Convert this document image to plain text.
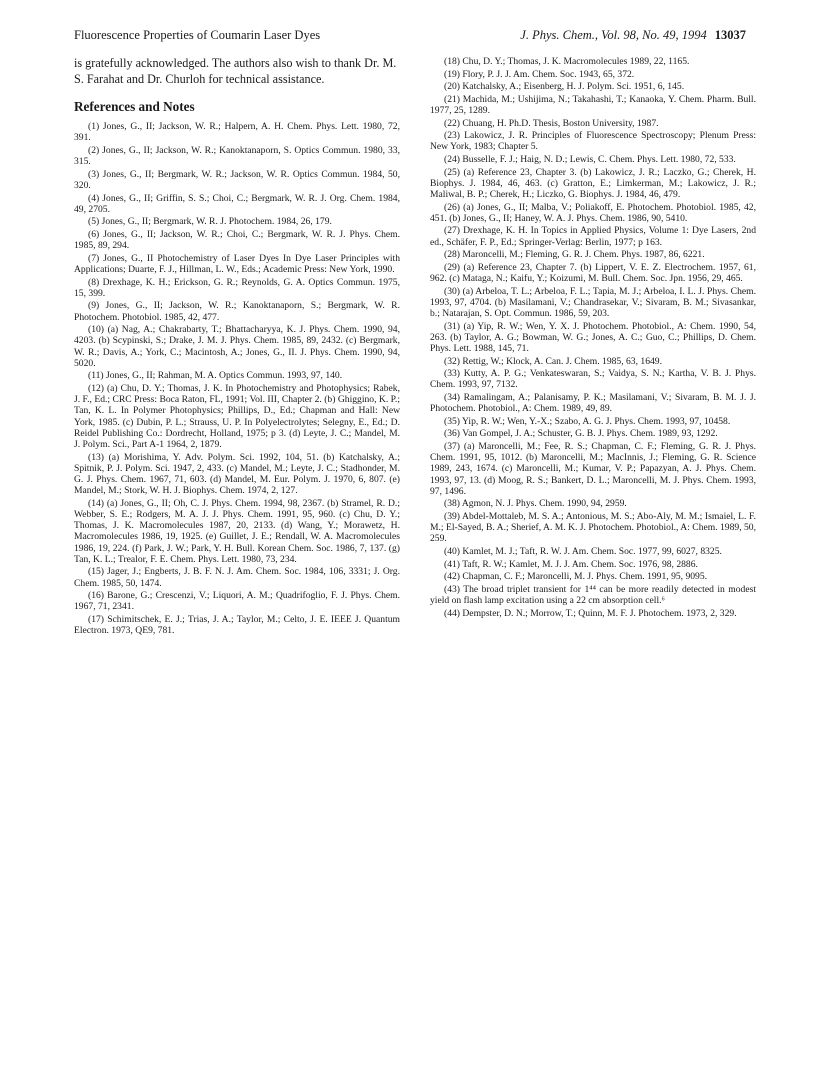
Fluorescence Properties of Coumarin Laser Dyes	J. Phys. Chem., Vol. 98, No. 49, 1994 13037

is gratefully acknowledged. The authors also wish to thank Dr. M. S. Farahat and Dr. Churloh for technical assistance.

References and Notes

(1) Jones, G., II; Jackson, W. R.; Halpern, A. H. Chem. Phys. Lett. 1980, 72, 391.

(2) Jones, G., II; Jackson, W. R.; Kanoktanaporn, S. Optics Commun. 1980, 33, 315.

(3) Jones, G., II; Bergmark, W. R.; Jackson, W. R. Optics Commun. 1984, 50, 320.

(4) Jones, G., II; Griffin, S. S.; Choi, C.; Bergmark, W. R. J. Org. Chem. 1984, 49, 2705.

(5) Jones, G., II; Bergmark, W. R. J. Photochem. 1984, 26, 179.

(6) Jones, G., II; Jackson, W. R.; Choi, C.; Bergmark, W. R. J. Phys. Chem. 1985, 89, 294.

(7) Jones, G., II Photochemistry of Laser Dyes In Dye Laser Principles with Applications; Duarte, F. J., Hillman, L. W., Eds.; Academic Press: New York, 1990.

(8) Drexhage, K. H.; Erickson, G. R.; Reynolds, G. A. Optics Commun. 1975, 15, 399.

(9) Jones, G., II; Jackson, W. R.; Kanoktanaporn, S.; Bergmark, W. R. Photochem. Photobiol. 1985, 42, 477.

(10) (a) Nag, A.; Chakrabarty, T.; Bhattacharyya, K. J. Phys. Chem. 1990, 94, 4203. (b) Scypinski, S.; Drake, J. M. J. Phys. Chem. 1985, 89, 2432. (c) Bergmark, W. R.; Davis, A.; York, C.; Macintosh, A.; Jones, G., II. J. Phys. Chem. 1990, 94, 5020.

(11) Jones, G., II; Rahman, M. A. Optics Commun. 1993, 97, 140.

(12) (a) Chu, D. Y.; Thomas, J. K. In Photochemistry and Photophysics; Rabek, J. F., Ed.; CRC Press: Boca Raton, FL, 1991; Vol. III, Chapter 2. (b) Ghiggino, K. P.; Tan, K. L. In Polymer Photophysics; Phillips, D., Ed.; Chapman and Hall: New York, 1985. (c) Dubin, P. L.; Strauss, U. P. In Polyelectrolytes; Selegny, E., Ed.; D. Reidel Publishing Co.: Dordrecht, Holland, 1975; p 3. (d) Leyte, J. C.; Mandel, M. J. Polym. Sci., Part A-1 1964, 2, 1879.

(13) (a) Morishima, Y. Adv. Polym. Sci. 1992, 104, 51. (b) Katchalsky, A.; Spitnik, P. J. Polym. Sci. 1947, 2, 433. (c) Mandel, M.; Leyte, J. C.; Stadhonder, M. G. J. Phys. Chem. 1967, 71, 603. (d) Mandel, M. Eur. Polym. J. 1970, 6, 807. (e) Mandel, M.; Stork, W. H. J. Biophys. Chem. 1974, 2, 127.

(14) (a) Jones, G., II; Oh, C. J. Phys. Chem. 1994, 98, 2367. (b) Stramel, R. D.; Webber, S. E.; Rodgers, M. A. J. J. Phys. Chem. 1991, 95, 960. (c) Chu, D. Y.; Thomas, J. K. Macromolecules 1987, 20, 2133. (d) Wang, Y.; Morawetz, H. Macromolecules 1986, 19, 1925. (e) Guillet, J. E.; Rendall, W. A. Macromolecules 1986, 19, 224. (f) Park, J. W.; Park, Y. H. Bull. Korean Chem. Soc. 1986, 7, 137. (g) Tan, K. L.; Trealor, F. E. Chem. Phys. Lett. 1980, 73, 234.

(15) Jager, J.; Engberts, J. B. F. N. J. Am. Chem. Soc. 1984, 106, 3331; J. Org. Chem. 1985, 50, 1474.

(16) Barone, G.; Crescenzi, V.; Liquori, A. M.; Quadrifoglio, F. J. Phys. Chem. 1967, 71, 2341.

(17) Schimitschek, E. J.; Trias, J. A.; Taylor, M.; Celto, J. E. IEEE J. Quantum Electron. 1973, QE9, 781.

(18) Chu, D. Y.; Thomas, J. K. Macromolecules 1989, 22, 1165.

(19) Flory, P. J. J. Am. Chem. Soc. 1943, 65, 372.

(20) Katchalsky, A.; Eisenberg, H. J. Polym. Sci. 1951, 6, 145.

(21) Machida, M.; Ushijima, N.; Takahashi, T.; Kanaoka, Y. Chem. Pharm. Bull. 1977, 25, 1289.

(22) Chuang, H. Ph.D. Thesis, Boston University, 1987.

(23) Lakowicz, J. R. Principles of Fluorescence Spectroscopy; Plenum Press: New York, 1983; Chapter 5.

(24) Busselle, F. J.; Haig, N. D.; Lewis, C. Chem. Phys. Lett. 1980, 72, 533.

(25) (a) Reference 23, Chapter 3. (b) Lakowicz, J. R.; Laczko, G.; Cherek, H. Biophys. J. 1984, 46, 463. (c) Gratton, E.; Limkerman, M.; Lakowicz, J. R.; Maliwal, B. P.; Cherek, H.; Liczko, G. Biophys. J. 1984, 46, 479.

(26) (a) Jones, G., II; Malba, V.; Poliakoff, E. Photochem. Photobiol. 1985, 42, 451. (b) Jones, G., II; Haney, W. A. J. Phys. Chem. 1986, 90, 5410.

(27) Drexhage, K. H. In Topics in Applied Physics, Volume 1: Dye Lasers, 2nd ed., Schäfer, F. P., Ed.; Springer-Verlag: Berlin, 1977; p 163.

(28) Maroncelli, M.; Fleming, G. R. J. Chem. Phys. 1987, 86, 6221.

(29) (a) Reference 23, Chapter 7. (b) Lippert, V. E. Z. Electrochem. 1957, 61, 962. (c) Mataga, N.; Kaifu, Y.; Koizumi, M. Bull. Chem. Soc. Jpn. 1956, 29, 465.

(30) (a) Arbeloa, T. L.; Arbeloa, F. L.; Tapia, M. J.; Arbeloa, I. L. J. Phys. Chem. 1993, 97, 4704. (b) Masilamani, V.; Chandrasekar, V.; Sivaram, B. M.; Sivasankar, b.; Natarajan, S. Opt. Commun. 1986, 59, 203.

(31) (a) Yip, R. W.; Wen, Y. X. J. Photochem. Photobiol., A: Chem. 1990, 54, 263. (b) Taylor, A. G.; Bowman, W. G.; Jones, A. C.; Guo, C.; Phillips, D. Chem. Phys. Lett. 1988, 145, 71.

(32) Rettig, W.; Klock, A. Can. J. Chem. 1985, 63, 1649.

(33) Kutty, A. P. G.; Venkateswaran, S.; Vaidya, S. N.; Kartha, V. B. J. Phys. Chem. 1993, 97, 7132.

(34) Ramalingam, A.; Palanisamy, P. K.; Masilamani, V.; Sivaram, B. M. J. J. Photochem. Photobiol., A: Chem. 1989, 49, 89.

(35) Yip, R. W.; Wen, Y.-X.; Szabo, A. G. J. Phys. Chem. 1993, 97, 10458.

(36) Van Gompel, J. A.; Schuster, G. B. J. Phys. Chem. 1989, 93, 1292.

(37) (a) Maroncelli, M.; Fee, R. S.; Chapman, C. F.; Fleming, G. R. J. Phys. Chem. 1991, 95, 1012. (b) Maroncelli, M.; MacInnis, J.; Fleming, G. R. Science 1989, 243, 1674. (c) Maroncelli, M.; Kumar, V. P.; Papazyan, A. J. Phys. Chem. 1993, 97, 13. (d) Moog, R. S.; Bankert, D. L.; Maroncelli, M. J. Phys. Chem. 1993, 97, 1496.

(38) Agmon, N. J. Phys. Chem. 1990, 94, 2959.

(39) Abdel-Mottaleb, M. S. A.; Antonious, M. S.; Abo-Aly, M. M.; Ismaiel, L. F. M.; El-Sayed, B. A.; Sherief, A. M. K. J. Photochem. Photobiol., A: Chem. 1989, 50, 259.

(40) Kamlet, M. J.; Taft, R. W. J. Am. Chem. Soc. 1977, 99, 6027, 8325.

(41) Taft, R. W.; Kamlet, M. J. J. Am. Chem. Soc. 1976, 98, 2886.

(42) Chapman, C. F.; Maroncelli, M. J. Phys. Chem. 1991, 95, 9095.

(43) The broad triplet transient for 1⁴⁴ can be more readily detected in modest yield on flash lamp excitation using a 22 cm absorption cell.⁶

(44) Dempster, D. N.; Morrow, T.; Quinn, M. F. J. Photochem. 1973, 2, 329.
